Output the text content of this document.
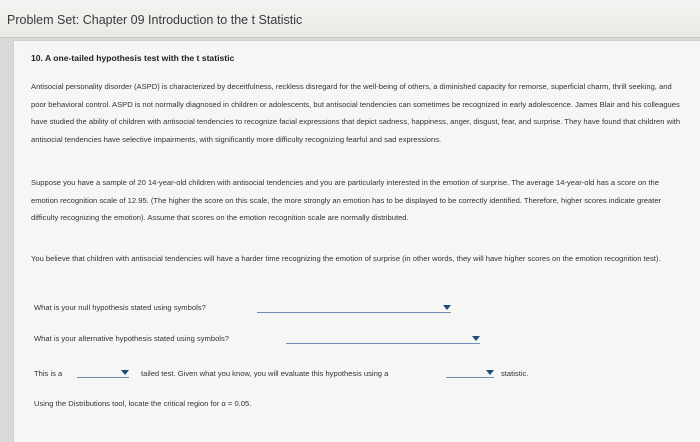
Problem Set: Chapter 09 Introduction to the t Statistic
10. A one-tailed hypothesis test with the t statistic

Antisocial personality disorder (ASPD) is characterized by deceitfulness, reckless disregard for the well-being of others, a diminished capacity for remorse, superficial charm, thrill seeking, and poor behavioral control. ASPD is not normally diagnosed in children or adolescents, but antisocial tendencies can sometimes be recognized in early adolescence. James Blair and his colleagues have studied the ability of children with antisocial tendencies to recognize facial expressions that depict sadness, happiness, anger, disgust, fear, and surprise. They have found that children with antisocial tendencies have selective impairments, with significantly more difficulty recognizing fearful and sad expressions.

Suppose you have a sample of 20 14-year-old children with antisocial tendencies and you are particularly interested in the emotion of surprise. The average 14-year-old has a score on the emotion recognition scale of 12.95. (The higher the score on this scale, the more strongly an emotion has to be displayed to be correctly identified. Therefore, higher scores indicate greater difficulty recognizing the emotion). Assume that scores on the emotion recognition scale are normally distributed.

You believe that children with antisocial tendencies will have a harder time recognizing the emotion of surprise (in other words, they will have higher scores on the emotion recognition test).

What is your null hypothesis stated using symbols?
What is your alternative hypothesis stated using symbols?
This is a	tailed test. Given what you know, you will evaluate this hypothesis using a	statistic.
Using the Distributions tool, locate the critical region for α = 0.05.
